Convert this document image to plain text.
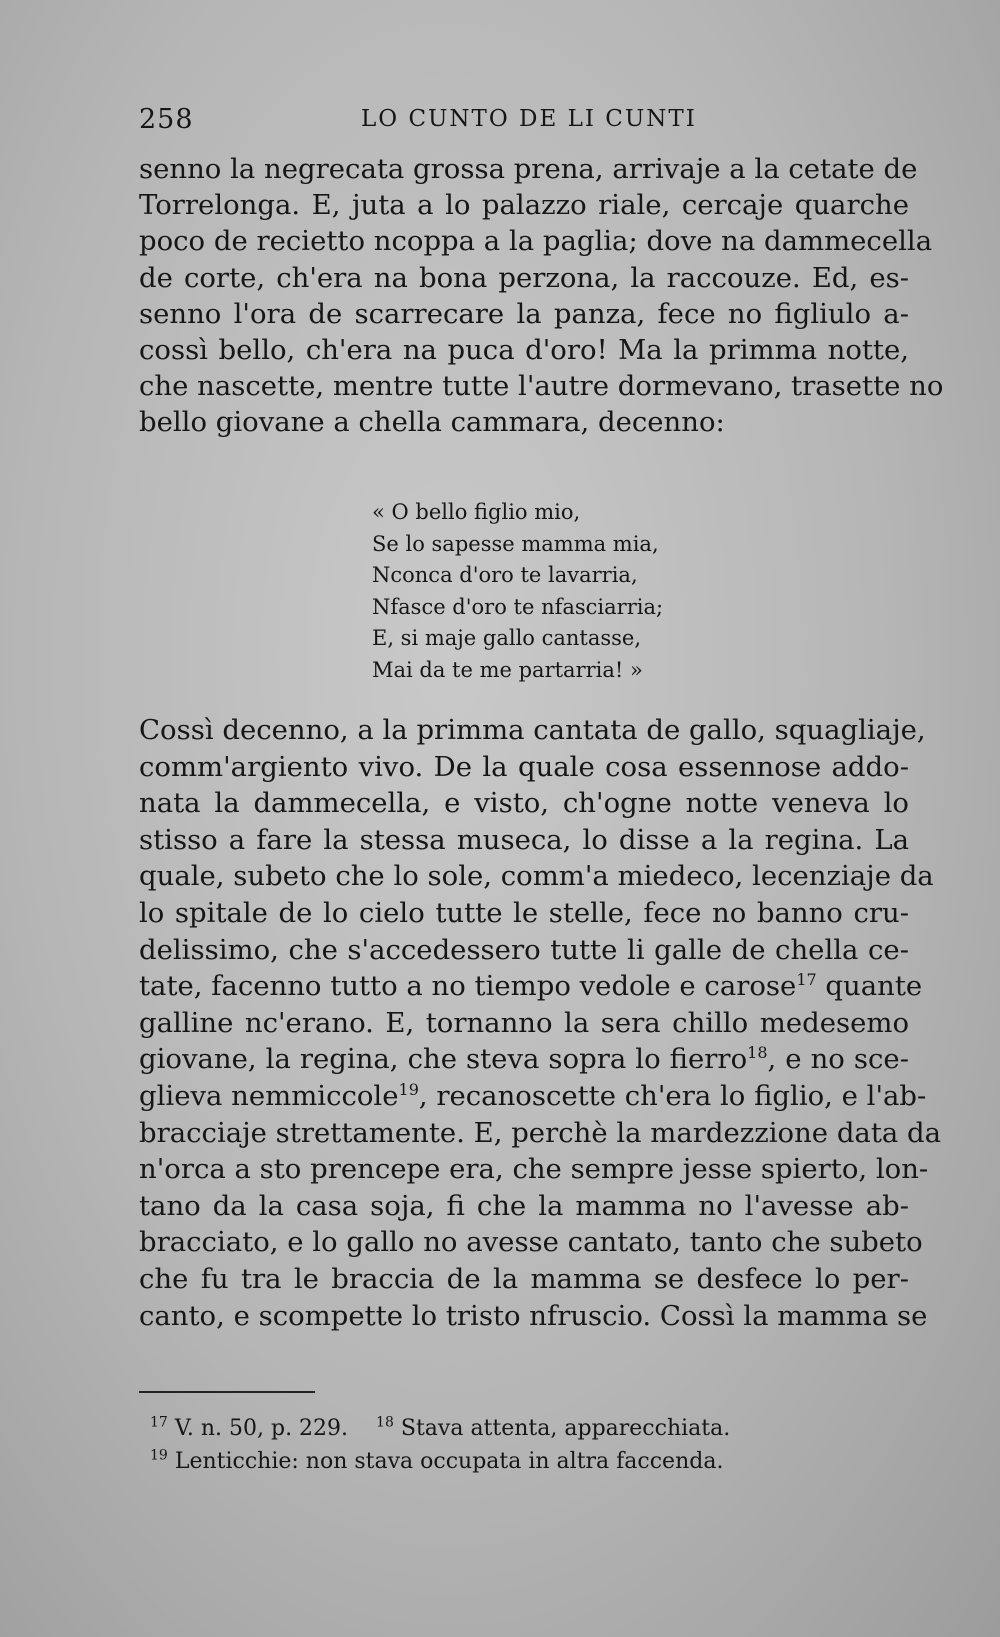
258	LO CUNTO DE LI CUNTI
senno la negrecata grossa prena, arrivaje a la cetate de
Torrelonga. E, juta a lo palazzo riale, cercaje quarche
poco de recietto ncoppa a la paglia; dove na dammecella
de corte, ch'era na bona perzona, la raccouze. Ed, es-
senno l'ora de scarrecare la panza, fece no figliulo a-
cossì bello, ch'era na puca d'oro! Ma la primma notte,
che nascette, mentre tutte l'autre dormevano, trasette no
bello giovane a chella cammara, decenno:
« O bello figlio mio,
Se lo sapesse mamma mia,
Nconca d'oro te lavarria,
Nfasce d'oro te nfasciarria;
E, si maje gallo cantasse,
Mai da te me partarria! »
Cossì decenno, a la primma cantata de gallo, squagliaje,
comm'argiento vivo. De la quale cosa essennose addo-
nata la dammecella, e visto, ch'ogne notte veneva lo
stisso a fare la stessa museca, lo disse a la regina. La
quale, subeto che lo sole, comm'a miedeco, lecenziaje da
lo spitale de lo cielo tutte le stelle, fece no banno cru-
delissimo, che s'accedessero tutte li galle de chella ce-
tate, facenno tutto a no tiempo vedole e carose$^{17}$ quante
galline nc'erano. E, tornanno la sera chillo medesemo
giovane, la regina, che steva sopra lo fierro$^{18}$, e no sce-
glieva nemmiccole$^{19}$, recanoscette ch'era lo figlio, e l'ab-
bracciaje strettamente. E, perchè la mardezzione data da
n'orca a sto prencepe era, che sempre jesse spierto, lon-
tano da la casa soja, fi che la mamma no l'avesse ab-
bracciato, e lo gallo no avesse cantato, tanto che subeto
che fu tra le braccia de la mamma se desfece lo per-
canto, e scompette lo tristo nfruscio. Cossì la mamma se
$^{17}$ V. n. 50, p. 229. $^{18}$ Stava attenta, apparecchiata.
$^{19}$ Lenticchie: non stava occupata in altra faccenda.
